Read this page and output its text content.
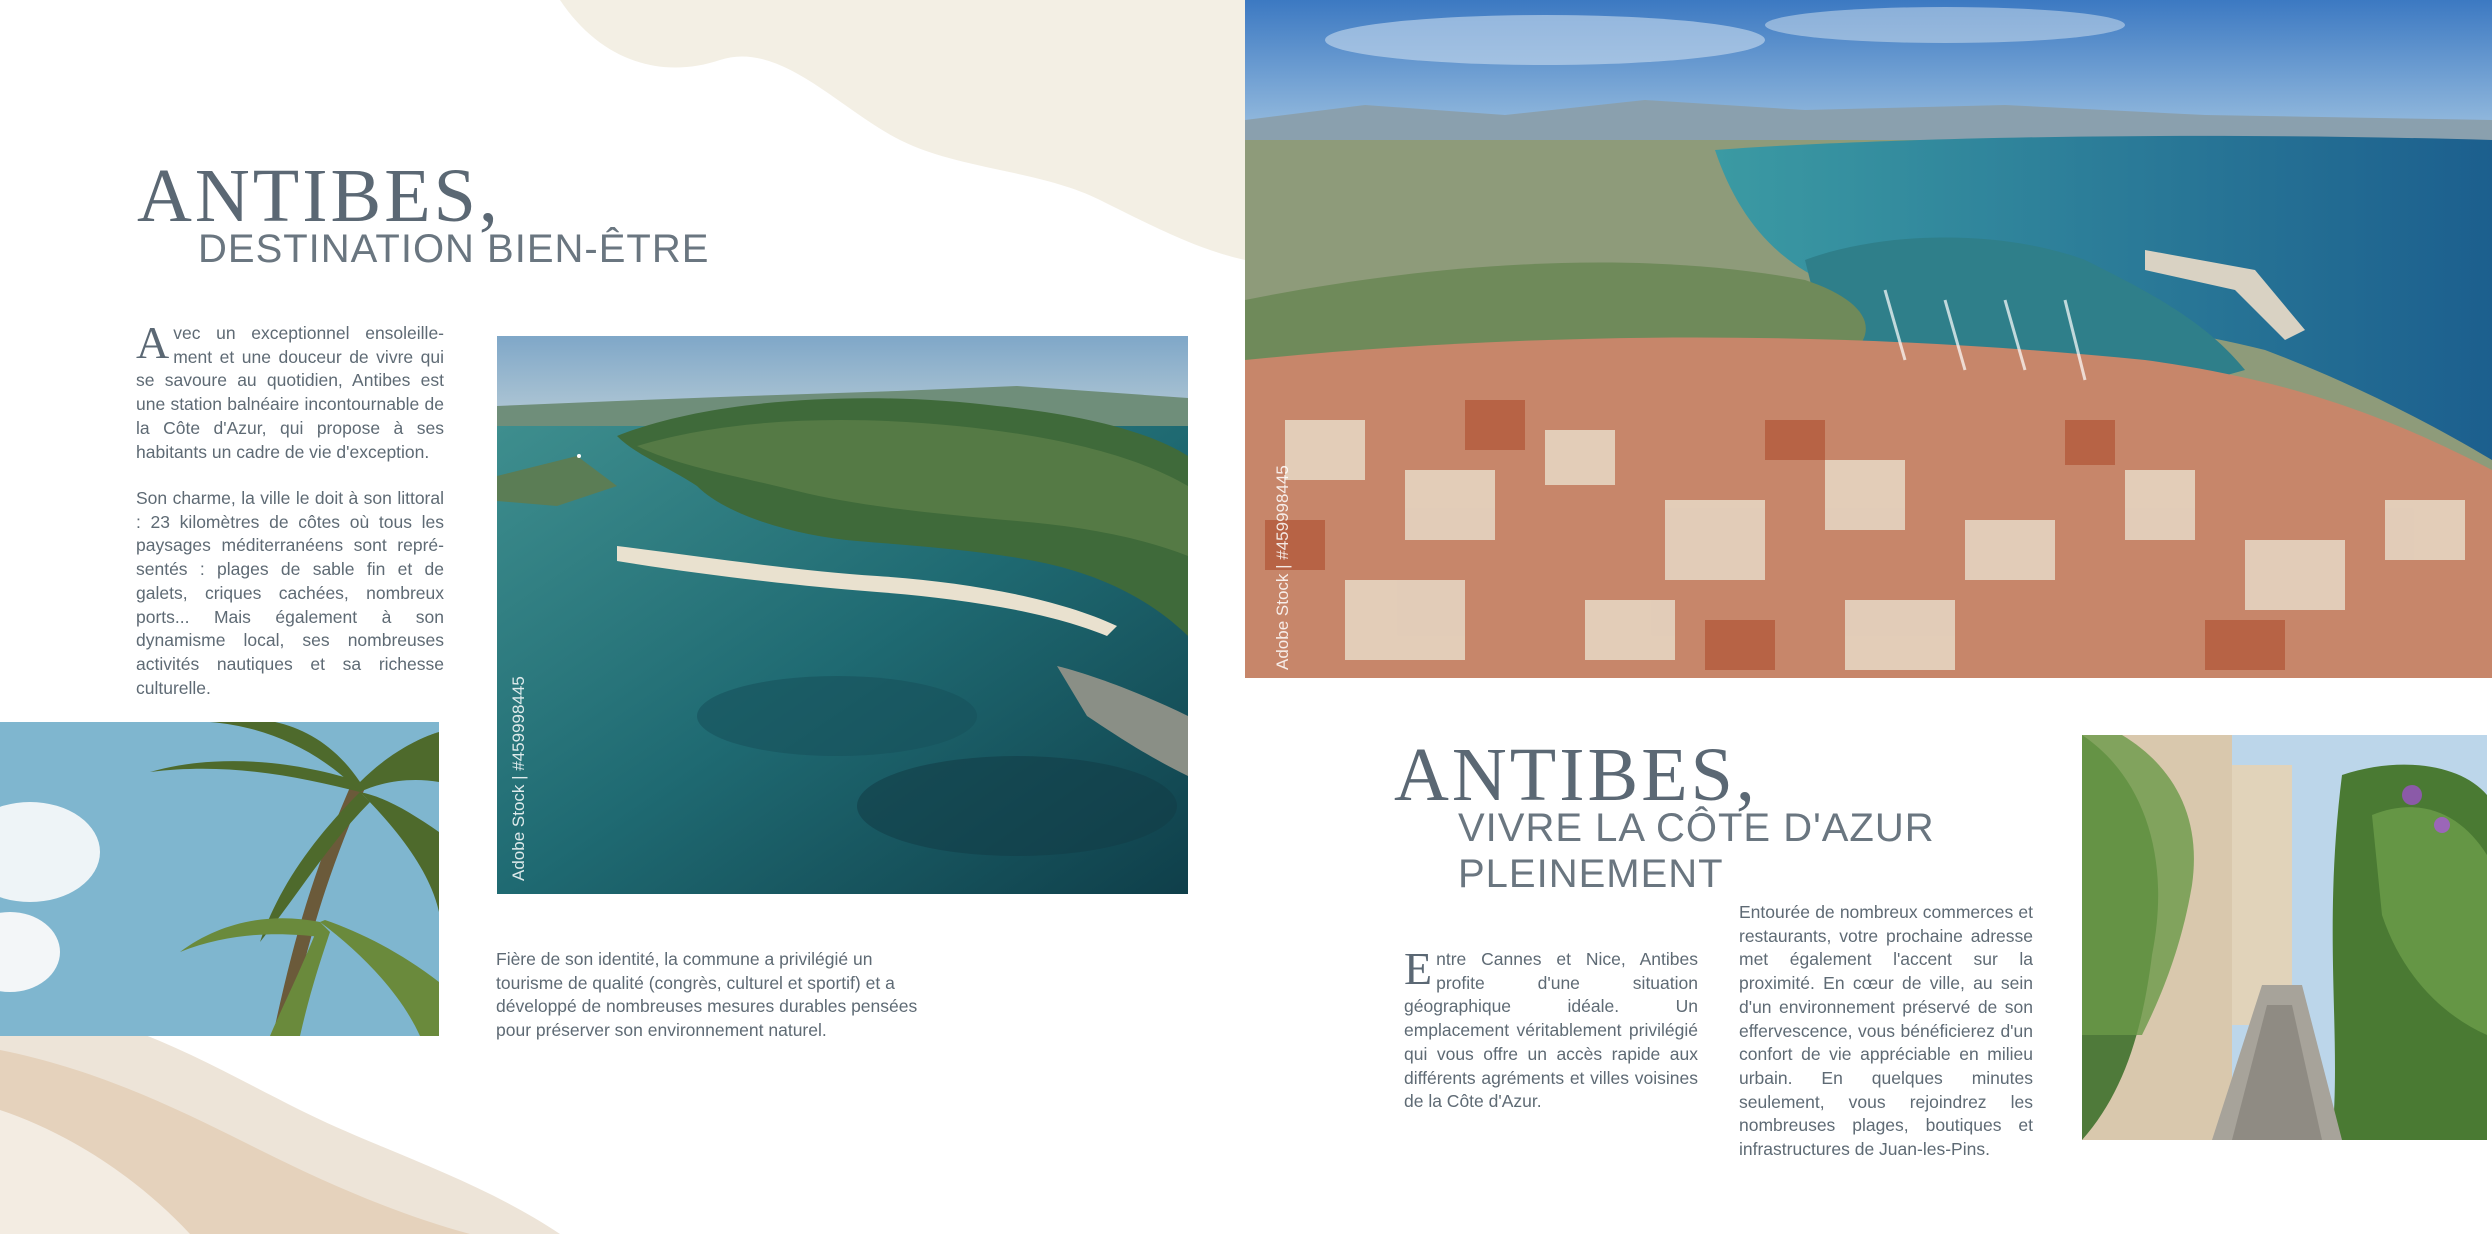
ANTIBES,
DESTINATION BIEN-ÊTRE
Avec un exceptionnel ensoleille-ment et une douceur de vivre qui se savoure au quotidien, Antibes est une station balnéaire incontournable de la Côte d'Azur, qui propose à ses habitants un cadre de vie d'exception.
Son charme, la ville le doit à son littoral : 23 kilomètres de côtes où tous les paysages méditerranéens sont repré-sentés : plages de sable fin et de galets, criques cachées, nombreux ports... Mais également à son dynamisme local, ses nombreuses activités nautiques et sa richesse culturelle.	Adobe Stock | #459998445
Fière de son identité, la commune a privilégié un tourisme de qualité (congrès, culturel et sportif) et a développé de nombreuses mesures durables pensées pour préserver son environnement naturel.
Adobe Stock | #459998445
ANTIBES,
VIVRE LA CÔTE D'AZUR
PLEINEMENT
Entre Cannes et Nice, Antibes profite d'une situation géographique idéale. Un emplacement véritablement privilégié qui vous offre un accès rapide aux différents agréments et villes voisines de la Côte d'Azur.
Entourée de nombreux commerces et restaurants, votre prochaine adresse met également l'accent sur la proximité. En cœur de ville, au sein d'un environnement préservé de son effervescence, vous bénéficierez d'un confort de vie appréciable en milieu urbain. En quelques minutes seulement, vous rejoindrez les nombreuses plages, boutiques et infrastructures de Juan-les-Pins.
